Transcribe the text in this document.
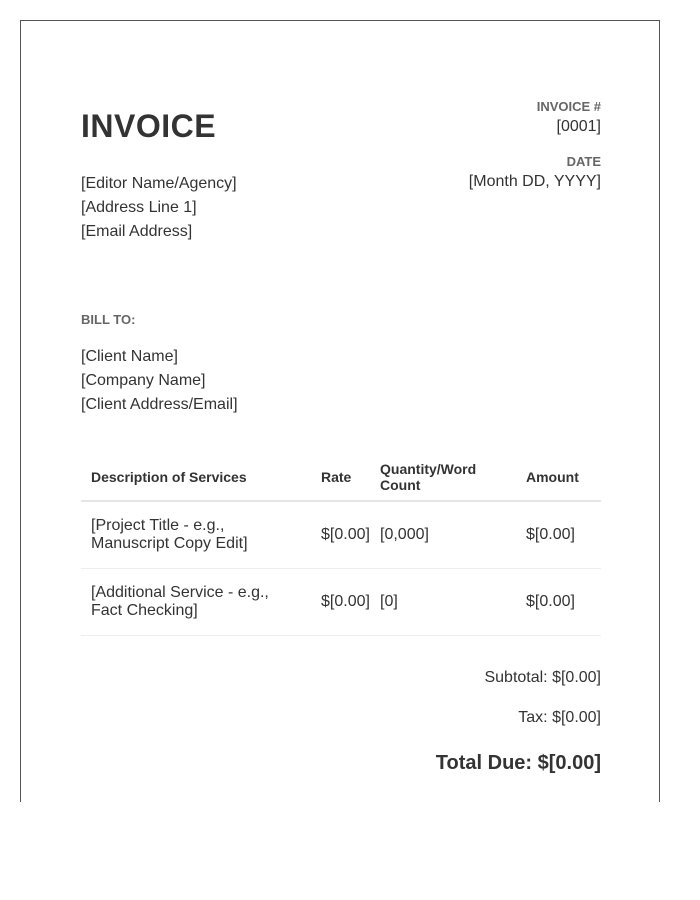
INVOICE
INVOICE #
[0001]
DATE
[Month DD, YYYY]
[Editor Name/Agency]
[Address Line 1]
[Email Address]
BILL TO:
[Client Name]
[Company Name]
[Client Address/Email]
Description of Services	Rate	Quantity/Word Count	Amount
[Project Title - e.g., Manuscript Copy Edit]	$[0.00]	[0,000]	$[0.00]
[Additional Service - e.g., Fact Checking]	$[0.00]	[0]	$[0.00]
Subtotal: $[0.00]
Tax: $[0.00]
Total Due: $[0.00]
